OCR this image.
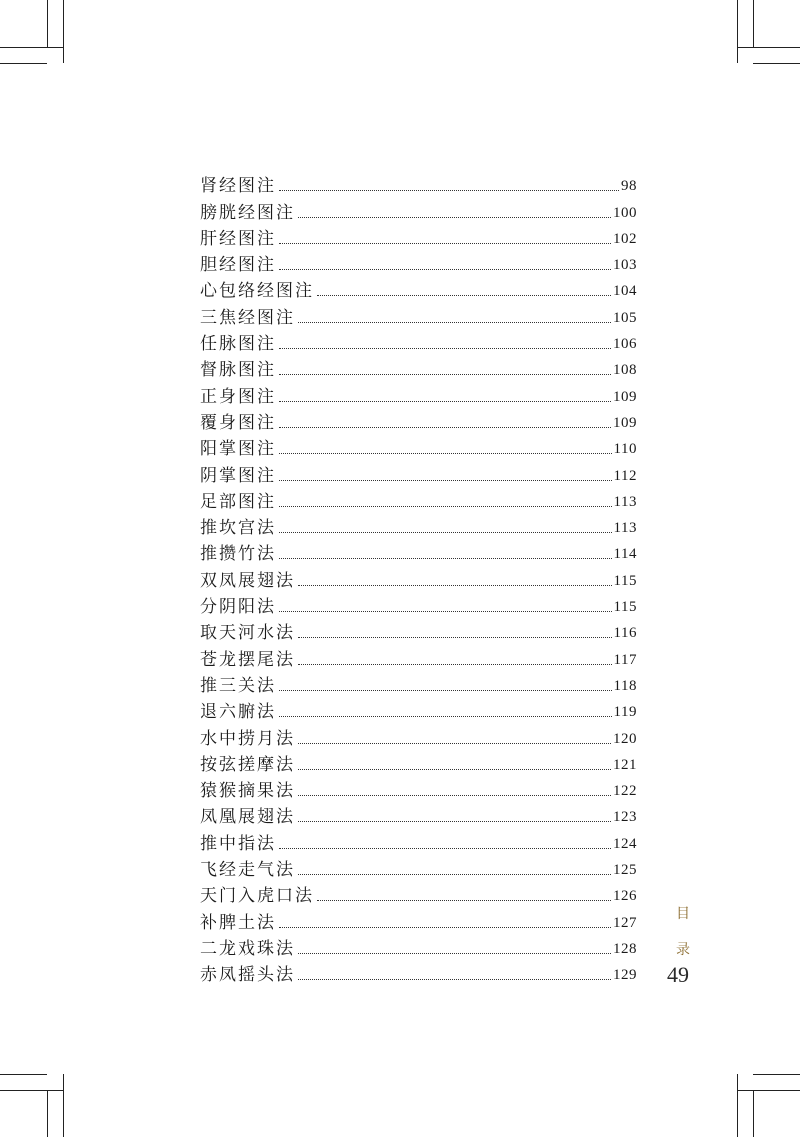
肾经图注	98
膀胱经图注	100
肝经图注	102
胆经图注	103
心包络经图注	104
三焦经图注	105
任脉图注	106
督脉图注	108
正身图注	109
覆身图注	109
阳掌图注	110
阴掌图注	112
足部图注	113
推坎宫法	113
推攒竹法	114
双凤展翅法	115
分阴阳法	115
取天河水法	116
苍龙摆尾法	117
推三关法	118
退六腑法	119
水中捞月法	120
按弦搓摩法	121
猿猴摘果法	122
凤凰展翅法	123
推中指法	124
飞经走气法	125
天门入虎口法	126
补脾土法	127
二龙戏珠法	128
赤凤摇头法	129
目
录
49
